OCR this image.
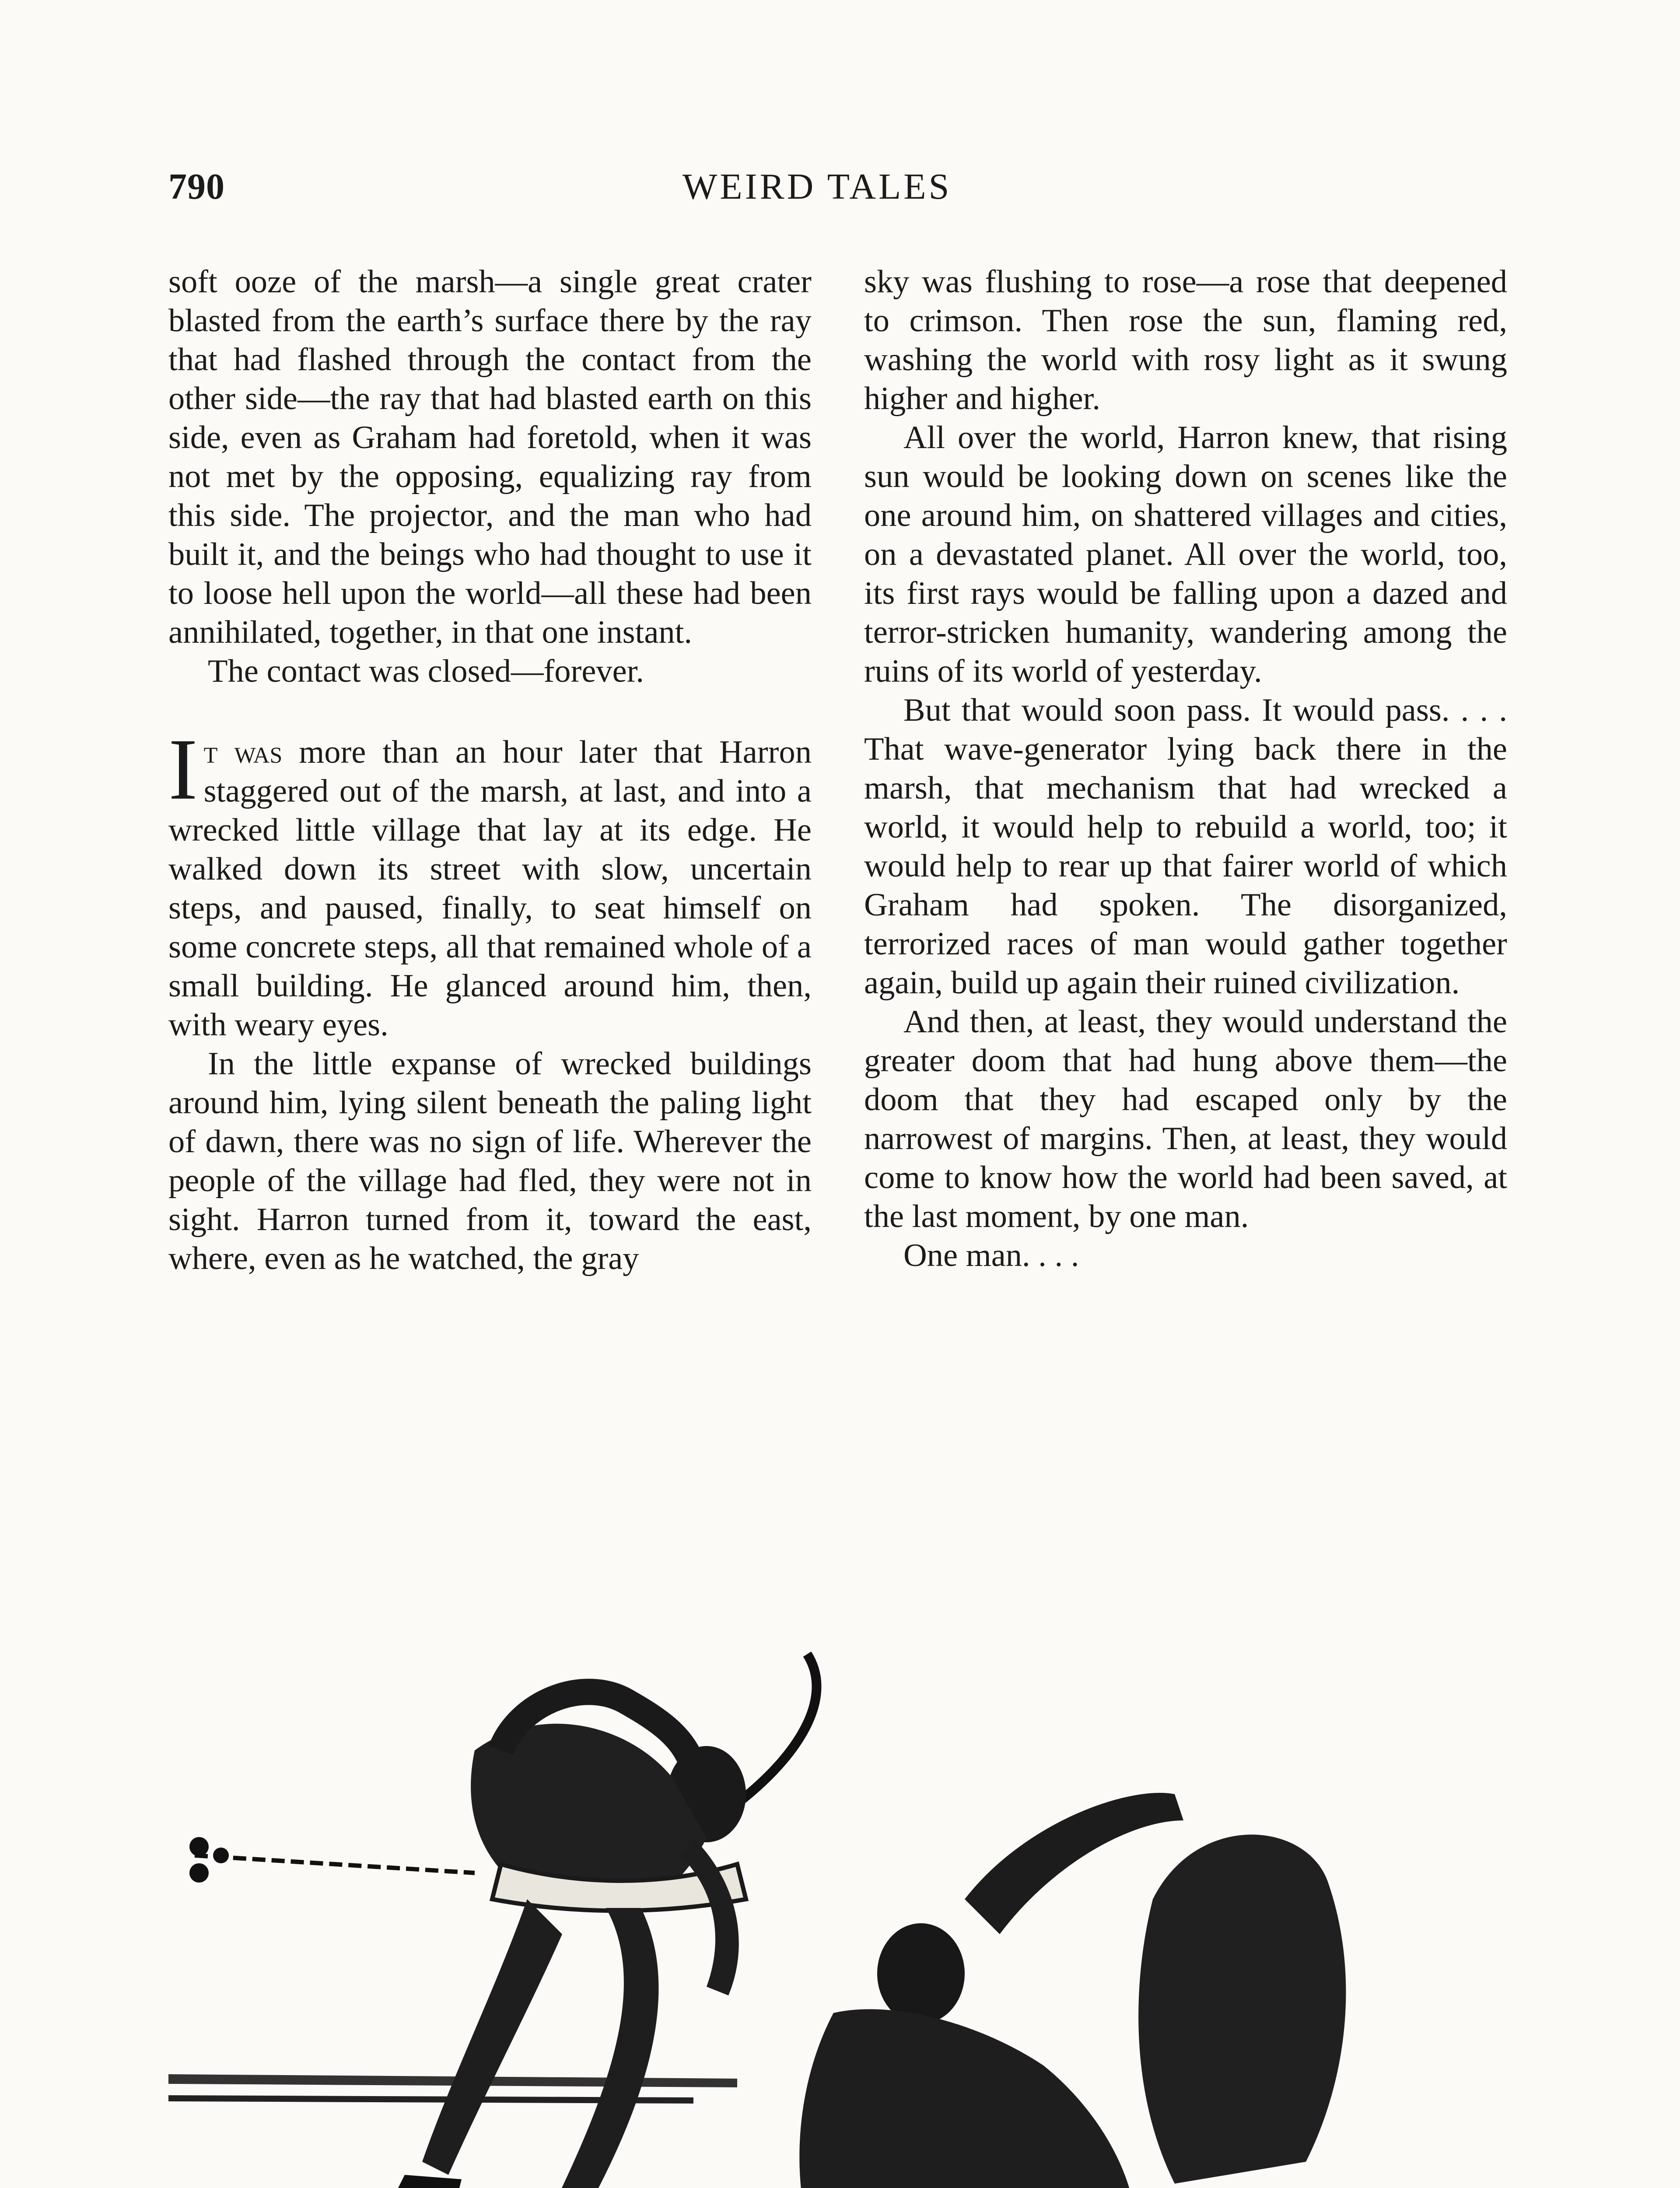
790	WEIRD TALES

soft ooze of the marsh—a single great crater blasted from the earth’s surface there by the ray that had flashed through the contact from the other side—the ray that had blasted earth on this side, even as Graham had foretold, when it was not met by the opposing, equalizing ray from this side. The projector, and the man who had built it, and the beings who had thought to use it to loose hell upon the world—all these had been annihilated, together, in that one instant.

The contact was closed—forever.

It was more than an hour later that Harron staggered out of the marsh, at last, and into a wrecked little village that lay at its edge. He walked down its street with slow, uncertain steps, and paused, finally, to seat himself on some concrete steps, all that remained whole of a small building. He glanced around him, then, with weary eyes.

In the little expanse of wrecked buildings around him, lying silent beneath the paling light of dawn, there was no sign of life. Wherever the people of the village had fled, they were not in sight. Harron turned from it, toward the east, where, even as he watched, the gray

sky was flushing to rose—a rose that deepened to crimson. Then rose the sun, flaming red, washing the world with rosy light as it swung higher and higher.

All over the world, Harron knew, that rising sun would be looking down on scenes like the one around him, on shattered villages and cities, on a devastated planet. All over the world, too, its first rays would be falling upon a dazed and terror-stricken humanity, wandering among the ruins of its world of yesterday.

But that would soon pass. It would pass. . . . That wave-generator lying back there in the marsh, that mechanism that had wrecked a world, it would help to rebuild a world, too; it would help to rear up that fairer world of which Graham had spoken. The disorganized, terrorized races of man would gather together again, build up again their ruined civilization.

And then, at least, they would understand the greater doom that had hung above them—the doom that they had escaped only by the narrowest of margins. Then, at least, they would come to know how the world had been saved, at the last moment, by one man.

One man. . . .
